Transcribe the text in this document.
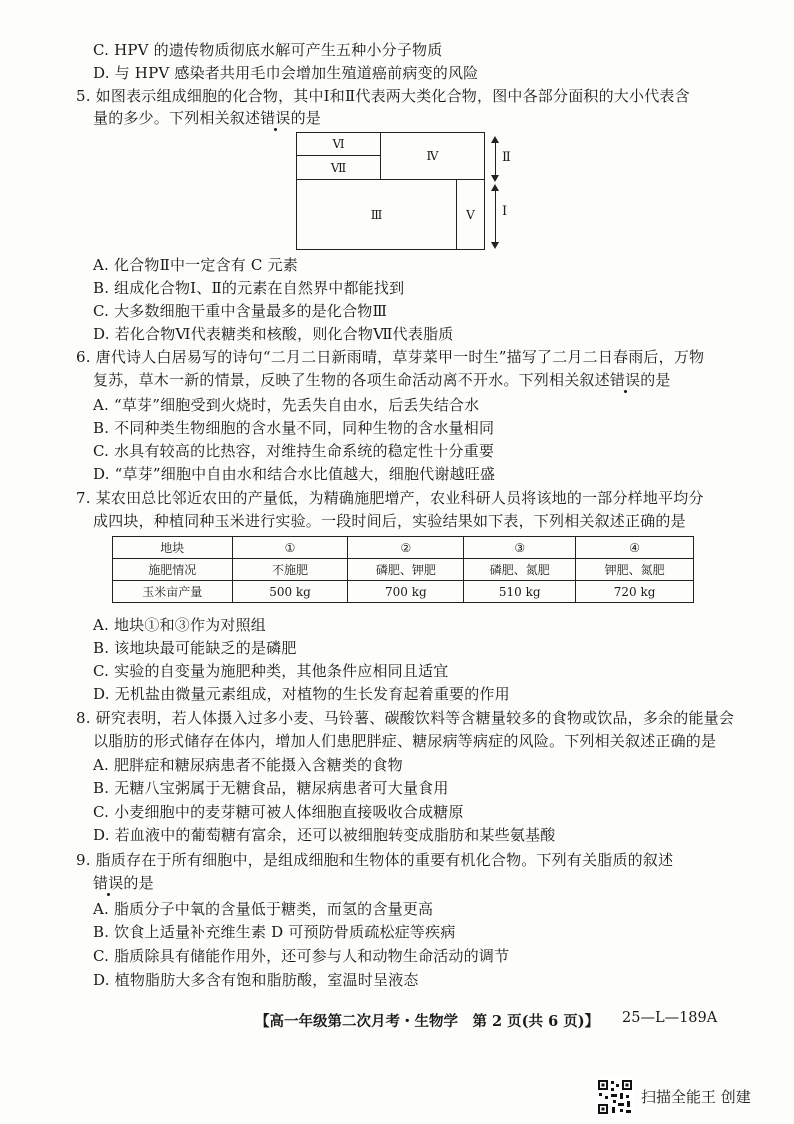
C. HPV 的遗传物质彻底水解可产生五种小分子物质
D. 与 HPV 感染者共用毛巾会增加生殖道癌前病变的风险
5. 如图表示组成细胞的化合物，其中Ⅰ和Ⅱ代表两大类化合物，图中各部分面积的大小代表含
量的多少。下列相关叙述错误的是
Ⅵ
Ⅶ
Ⅳ
Ⅲ	Ⅴ
Ⅱ
Ⅰ
A. 化合物Ⅱ中一定含有 C 元素
B. 组成化合物Ⅰ、Ⅱ的元素在自然界中都能找到
C. 大多数细胞干重中含量最多的是化合物Ⅲ
D. 若化合物Ⅵ代表糖类和核酸，则化合物Ⅶ代表脂质
6. 唐代诗人白居易写的诗句“二月二日新雨晴，草芽菜甲一时生”描写了二月二日春雨后，万物
复苏，草木一新的情景，反映了生物的各项生命活动离不开水。下列相关叙述错误的是
A. “草芽”细胞受到火烧时，先丢失自由水，后丢失结合水
B. 不同种类生物细胞的含水量不同，同种生物的含水量相同
C. 水具有较高的比热容，对维持生命系统的稳定性十分重要
D. “草芽”细胞中自由水和结合水比值越大，细胞代谢越旺盛
7. 某农田总比邻近农田的产量低，为精确施肥增产，农业科研人员将该地的一部分样地平均分
成四块，种植同种玉米进行实验。一段时间后，实验结果如下表，下列相关叙述正确的是
地块	①	②	③	④
施肥情况	不施肥	磷肥、钾肥	磷肥、氮肥	钾肥、氮肥
玉米亩产量	500 kg	700 kg	510 kg	720 kg
A. 地块①和③作为对照组
B. 该地块最可能缺乏的是磷肥
C. 实验的自变量为施肥种类，其他条件应相同且适宜
D. 无机盐由微量元素组成，对植物的生长发育起着重要的作用
8. 研究表明，若人体摄入过多小麦、马铃薯、碳酸饮料等含糖量较多的食物或饮品，多余的能量会
以脂肪的形式储存在体内，增加人们患肥胖症、糖尿病等病症的风险。下列相关叙述正确的是
A. 肥胖症和糖尿病患者不能摄入含糖类的食物
B. 无糖八宝粥属于无糖食品，糖尿病患者可大量食用
C. 小麦细胞中的麦芽糖可被人体细胞直接吸收合成糖原
D. 若血液中的葡萄糖有富余，还可以被细胞转变成脂肪和某些氨基酸
9. 脂质存在于所有细胞中，是组成细胞和生物体的重要有机化合物。下列有关脂质的叙述
错误的是
A. 脂质分子中氧的含量低于糖类，而氢的含量更高
B. 饮食上适量补充维生素 D 可预防骨质疏松症等疾病
C. 脂质除具有储能作用外，还可参与人和动物生命活动的调节
D. 植物脂肪大多含有饱和脂肪酸，室温时呈液态
【高一年级第二次月考・生物学　第 2 页(共 6 页)】 25—L—189A
扫描全能王 创建
